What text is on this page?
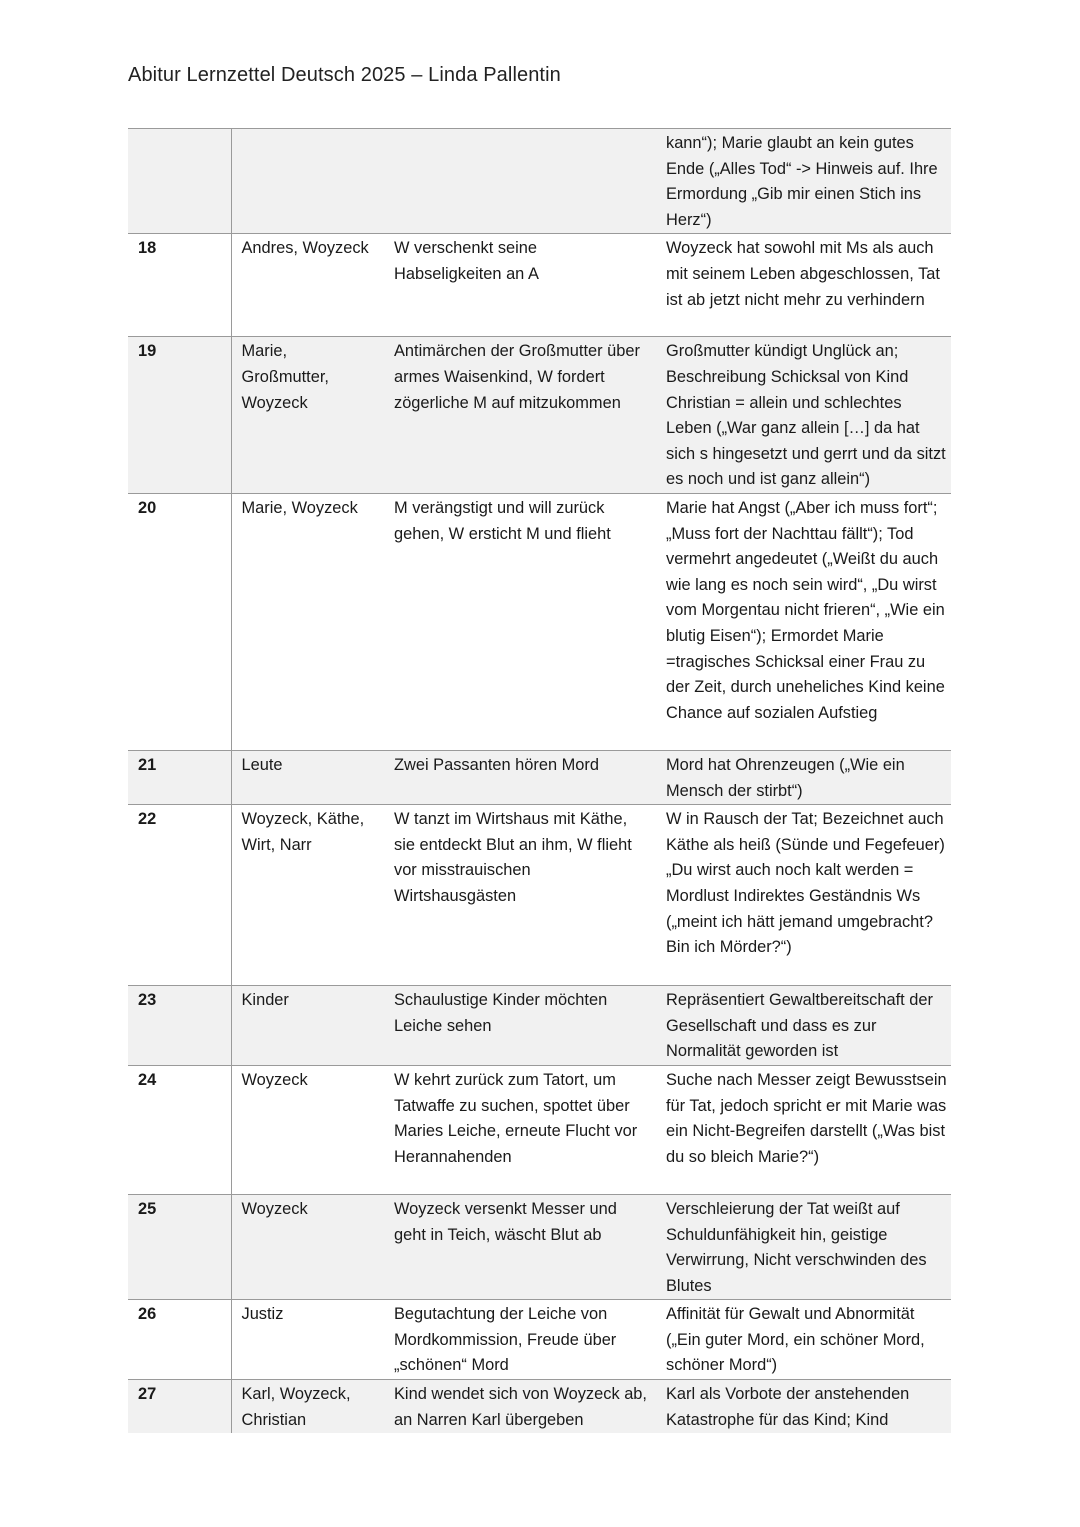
Abitur Lernzettel Deutsch 2025 – Linda Pallentin
			kann“); Marie glaubt an kein gutes Ende („Alles Tod“ -> Hinweis auf. Ihre Ermordung „Gib mir einen Stich ins Herz“)
18	Andres, Woyzeck	W verschenkt seine Habseligkeiten an A	Woyzeck hat sowohl mit Ms als auch mit seinem Leben abgeschlossen, Tat ist ab jetzt nicht mehr zu verhindern
19	Marie, Großmutter, Woyzeck	Antimärchen der Großmutter über armes Waisenkind, W fordert zögerliche M auf mitzukommen	Großmutter kündigt Unglück an; Beschreibung Schicksal von Kind Christian = allein und schlechtes Leben („War ganz allein […] da hat sich s hingesetzt und gerrt und da sitzt es noch und ist ganz allein“)
20	Marie, Woyzeck	M verängstigt und will zurück gehen, W ersticht M und flieht	Marie hat Angst („Aber ich muss fort“; „Muss fort der Nachttau fällt“); Tod vermehrt angedeutet („Weißt du auch wie lang es noch sein wird“, „Du wirst vom Morgentau nicht frieren“, „Wie ein blutig Eisen“); Ermordet Marie =tragisches Schicksal einer Frau zu der Zeit, durch uneheliches Kind keine Chance auf sozialen Aufstieg
21	Leute	Zwei Passanten hören Mord	Mord hat Ohrenzeugen („Wie ein Mensch der stirbt“)
22	Woyzeck, Käthe, Wirt, Narr	W tanzt im Wirtshaus mit Käthe, sie entdeckt Blut an ihm, W flieht vor misstrauischen Wirtshausgästen	W in Rausch der Tat; Bezeichnet auch Käthe als heiß (Sünde und Fegefeuer) „Du wirst auch noch kalt werden = Mordlust Indirektes Geständnis Ws („meint ich hätt jemand umgebracht? Bin ich Mörder?“)
23	Kinder	Schaulustige Kinder möchten Leiche sehen	Repräsentiert Gewaltbereitschaft der Gesellschaft und dass es zur Normalität geworden ist
24	Woyzeck	W kehrt zurück zum Tatort, um Tatwaffe zu suchen, spottet über Maries Leiche, erneute Flucht vor Herannahenden	Suche nach Messer zeigt Bewusstsein für Tat, jedoch spricht er mit Marie was ein Nicht-Begreifen darstellt („Was bist du so bleich Marie?“)
25	Woyzeck	Woyzeck versenkt Messer und geht in Teich, wäscht Blut ab	Verschleierung der Tat weißt auf Schuldunfähigkeit hin, geistige Verwirrung, Nicht verschwinden des Blutes
26	Justiz	Begutachtung der Leiche von Mordkommission, Freude über „schönen“ Mord	Affinität für Gewalt und Abnormität („Ein guter Mord, ein schöner Mord, schöner Mord“)
27	Karl, Woyzeck, Christian	Kind wendet sich von Woyzeck ab, an Narren Karl übergeben	Karl als Vorbote der anstehenden Katastrophe für das Kind; Kind
